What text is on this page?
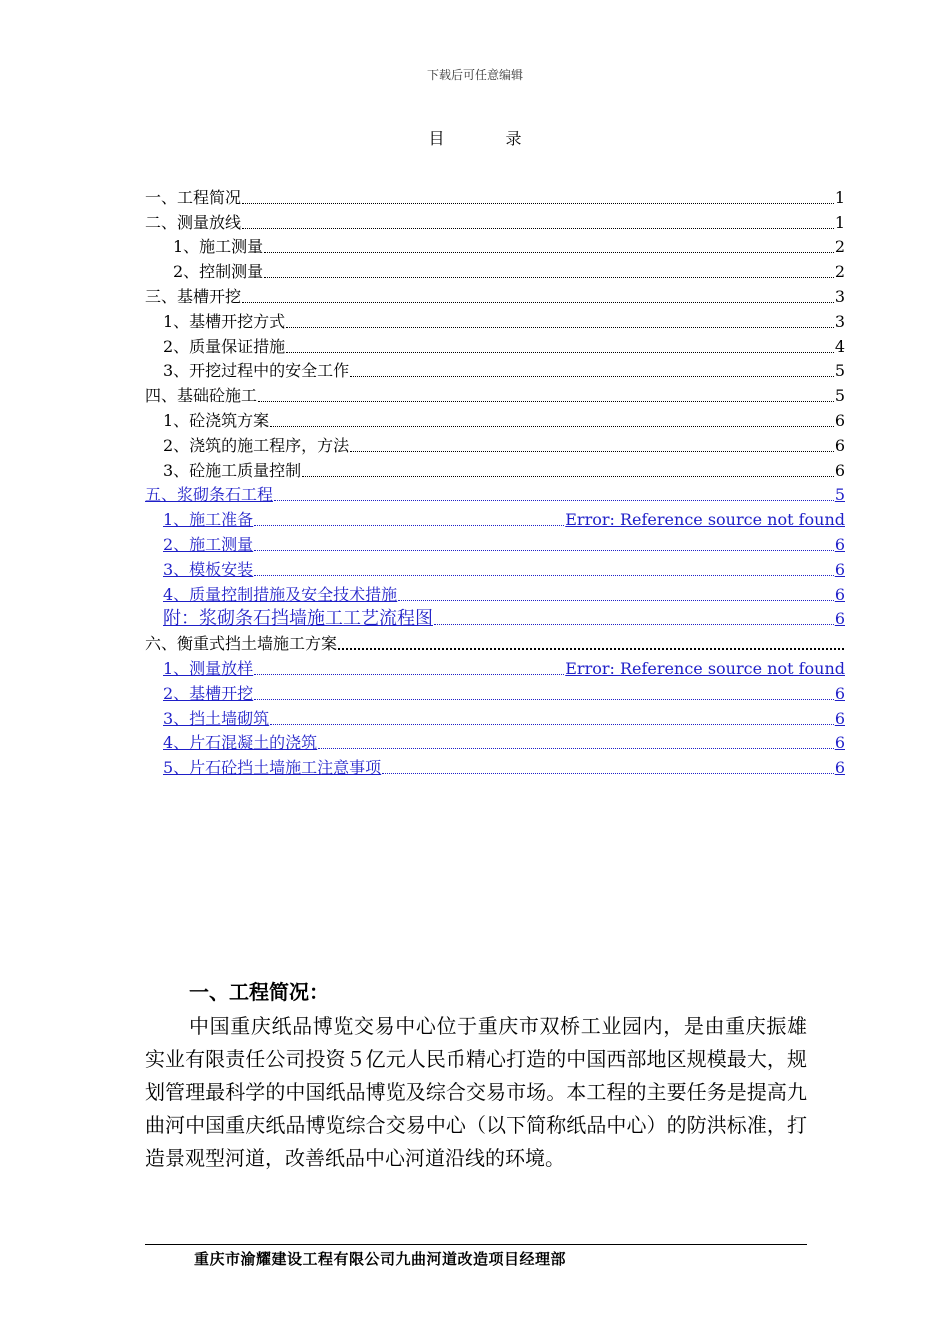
下载后可任意编辑
目 录
一、工程简况	1
二、测量放线	1
1、施工测量	2
2、控制测量	2
三、基槽开挖	3
1、基槽开挖方式	3
2、质量保证措施	4
3、开挖过程中的安全工作	5
四、基础砼施工	5
1、砼浇筑方案	6
2、浇筑的施工程序，方法	6
3、砼施工质量控制	6
五、浆砌条石工程	5
1、施工准备	Error: Reference source not found
2、施工测量	6
3、模板安装	6
4、质量控制措施及安全技术措施	6
附：浆砌条石挡墙施工工艺流程图	6
六、衡重式挡土墙施工方案
1、测量放样	Error: Reference source not found
2、基槽开挖	6
3、挡土墙砌筑	6
4、片石混凝土的浇筑	6
5、片石砼挡土墙施工注意事项	6
一、工程简况：
中国重庆纸品博览交易中心位于重庆市双桥工业园内，是由重庆振雄实业有限责任公司投资５亿元人民币精心打造的中国西部地区规模最大，规划管理最科学的中国纸品博览及综合交易市场。本工程的主要任务是提高九曲河中国重庆纸品博览综合交易中心（以下简称纸品中心）的防洪标准，打造景观型河道，改善纸品中心河道沿线的环境。
重庆市渝耀建设工程有限公司九曲河道改造项目经理部
